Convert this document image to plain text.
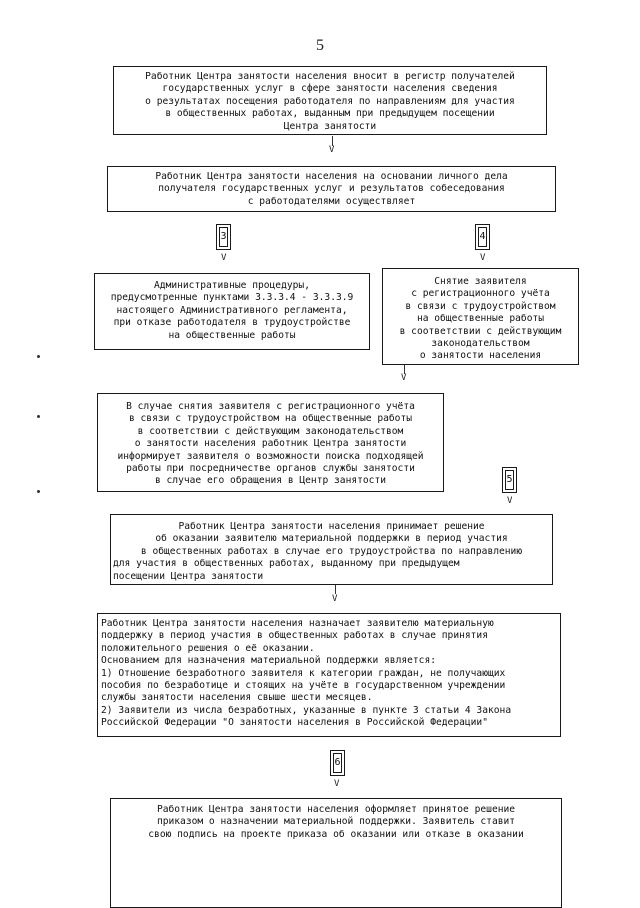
5
Работник Центра занятости населения вносит в регистр получателей
государственных услуг в сфере занятости населения сведения
о результатах посещения работодателя по направлениям для участия
в общественных работах, выданным при предыдущем посещении
Центра занятости
V
Работник Центра занятости населения на основании личного дела
получателя государственных услуг и результатов собеседования
с работодателями осуществляет
3
V
4
V
Административные процедуры,
предусмотренные пунктами 3.3.3.4 - 3.3.3.9
настоящего Административного регламента,
при отказе работодателя в трудоустройстве
на общественные работы
Снятие заявителя
с регистрационного учёта
в связи с трудоустройством
на общественные работы
в соответствии с действующим
законодательством
о занятости населения
V
В случае снятия заявителя с регистрационного учёта
в связи с трудоустройством на общественные работы
в соответствии с действующим законодательством
о занятости населения работник Центра занятости
информирует заявителя о возможности поиска подходящей
работы при посредничестве органов службы занятости
в случае его обращения в Центр занятости	5
V
Работник Центра занятости населения принимает решение
об оказании заявителю материальной поддержки в период участия
в общественных работах в случае его трудоустройства по направлению
для участия в общественных работах, выданному при предыдущем
посещении Центра занятости
V
Работник Центра занятости населения назначает заявителю материальную
поддержку в период участия в общественных работах в случае принятия
положительного решения о её оказании.
Основанием для назначения материальной поддержки является:
1) Отношение безработного заявителя к категории граждан, не получающих
пособия по безработице и стоящих на учёте в государственном учреждении
службы занятости населения свыше шести месяцев.
2) Заявители из числа безработных, указанные в пункте 3 статьи 4 Закона
Российской Федерации "О занятости населения в Российской Федерации"
6
V
Работник Центра занятости населения оформляет принятое решение
приказом о назначении материальной поддержки. Заявитель ставит
свою подпись на проекте приказа об оказании или отказе в оказании
